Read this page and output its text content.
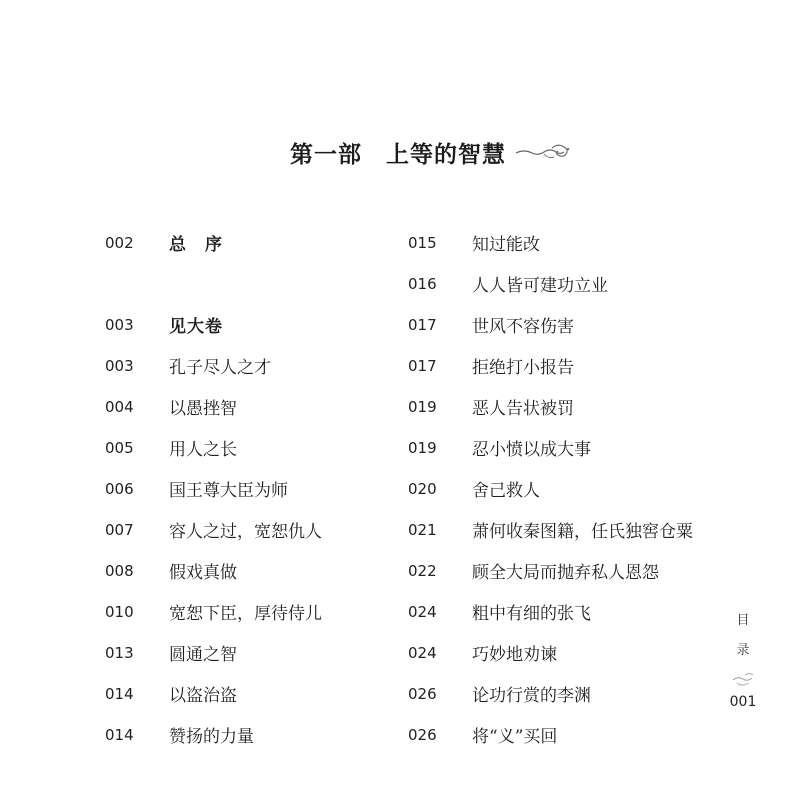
第一部　上等的智慧
002	总　序
003	见大卷
003	孔子尽人之才
004	以愚挫智
005	用人之长
006	国王尊大臣为师
007	容人之过，宽恕仇人
008	假戏真做
010	宽恕下臣，厚待侍儿
013	圆通之智
014	以盗治盗
014	赞扬的力量
015	知过能改
016	人人皆可建功立业
017	世风不容伤害
017	拒绝打小报告
019	恶人告状被罚
019	忍小愤以成大事
020	舍己救人
021	萧何收秦图籍，任氏独窖仓粟
022	顾全大局而抛弃私人恩怨
024	粗中有细的张飞
024	巧妙地劝谏
026	论功行赏的李渊
026	将“义”买回
目
录
001
